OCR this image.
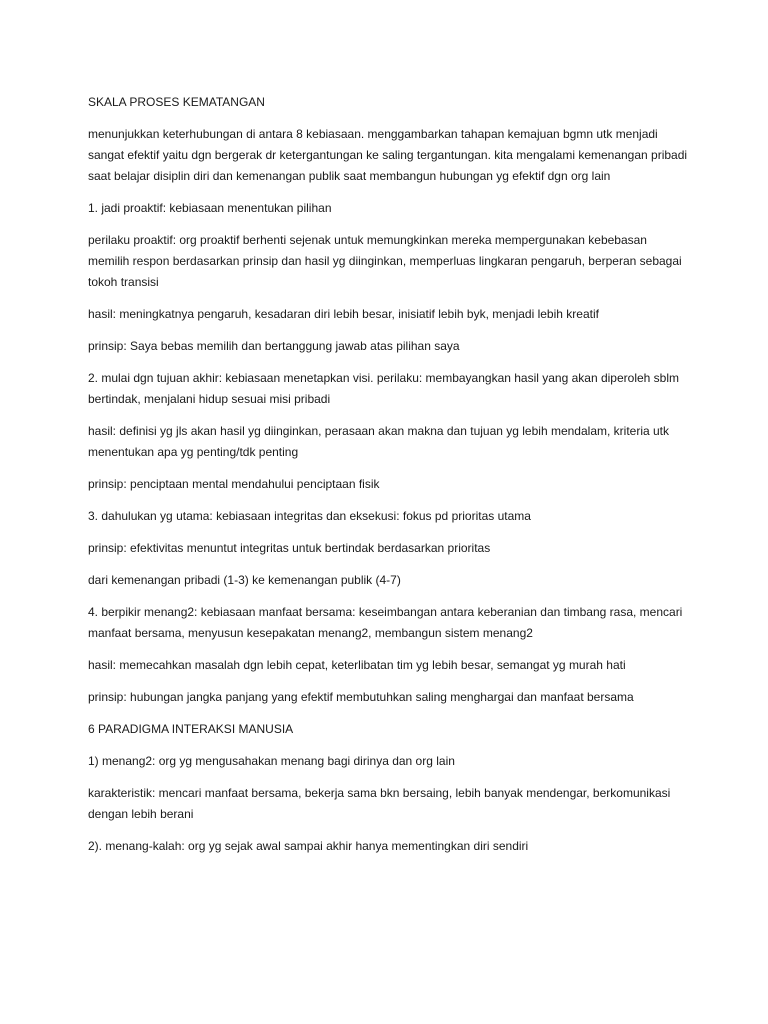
SKALA PROSES KEMATANGAN

menunjukkan keterhubungan di antara 8 kebiasaan. menggambarkan tahapan kemajuan bgmn utk menjadi sangat efektif yaitu dgn bergerak dr ketergantungan ke saling tergantungan. kita mengalami kemenangan pribadi saat belajar disiplin diri dan kemenangan publik saat membangun hubungan yg efektif dgn org lain

1. jadi proaktif: kebiasaan menentukan pilihan

perilaku proaktif: org proaktif berhenti sejenak untuk memungkinkan mereka mempergunakan kebebasan memilih respon berdasarkan prinsip dan hasil yg diinginkan, memperluas lingkaran pengaruh, berperan sebagai tokoh transisi

hasil: meningkatnya pengaruh, kesadaran diri lebih besar, inisiatif lebih byk, menjadi lebih kreatif

prinsip: Saya bebas memilih dan bertanggung jawab atas pilihan saya

2. mulai dgn tujuan akhir: kebiasaan menetapkan visi. perilaku: membayangkan hasil yang akan diperoleh sblm bertindak, menjalani hidup sesuai misi pribadi

hasil: definisi yg jls akan hasil yg diinginkan, perasaan akan makna dan tujuan yg lebih mendalam, kriteria utk menentukan apa yg penting/tdk penting

prinsip: penciptaan mental mendahului penciptaan fisik

3. dahulukan yg utama: kebiasaan integritas dan eksekusi: fokus pd prioritas utama

prinsip: efektivitas menuntut integritas untuk bertindak berdasarkan prioritas

dari kemenangan pribadi (1-3) ke kemenangan publik (4-7)

4. berpikir menang2: kebiasaan manfaat bersama: keseimbangan antara keberanian dan timbang rasa, mencari manfaat bersama, menyusun kesepakatan menang2, membangun sistem menang2

hasil: memecahkan masalah dgn lebih cepat, keterlibatan tim yg lebih besar, semangat yg murah hati

prinsip: hubungan jangka panjang yang efektif membutuhkan saling menghargai dan manfaat bersama

6 PARADIGMA INTERAKSI MANUSIA

1) menang2: org yg mengusahakan menang bagi dirinya dan org lain

karakteristik: mencari manfaat bersama, bekerja sama bkn bersaing, lebih banyak mendengar, berkomunikasi dengan lebih berani

2). menang-kalah: org yg sejak awal sampai akhir hanya mementingkan diri sendiri
